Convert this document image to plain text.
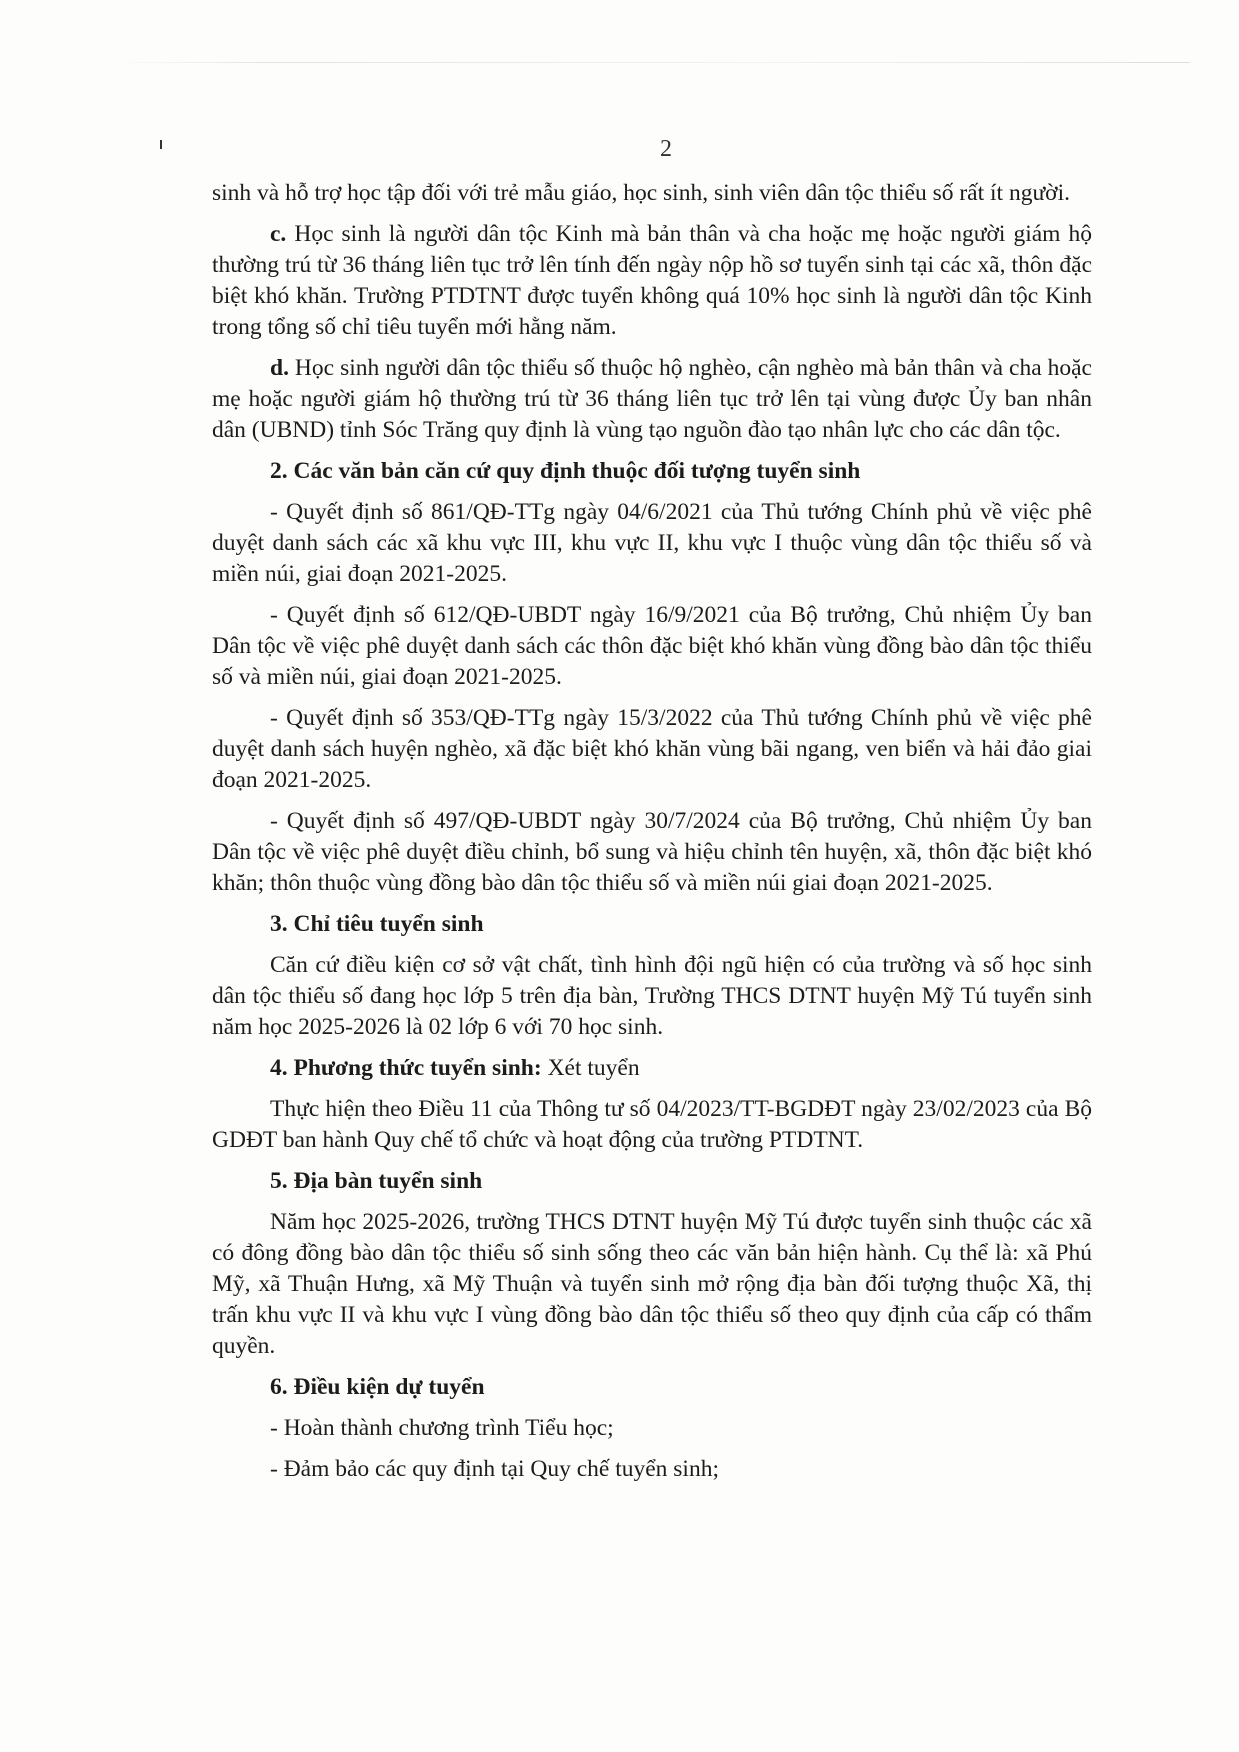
2

sinh và hỗ trợ học tập đối với trẻ mẫu giáo, học sinh, sinh viên dân tộc thiểu số rất ít người.

c. Học sinh là người dân tộc Kinh mà bản thân và cha hoặc mẹ hoặc người giám hộ thường trú từ 36 tháng liên tục trở lên tính đến ngày nộp hồ sơ tuyển sinh tại các xã, thôn đặc biệt khó khăn. Trường PTDTNT được tuyển không quá 10% học sinh là người dân tộc Kinh trong tổng số chỉ tiêu tuyển mới hằng năm.

d. Học sinh người dân tộc thiểu số thuộc hộ nghèo, cận nghèo mà bản thân và cha hoặc mẹ hoặc người giám hộ thường trú từ 36 tháng liên tục trở lên tại vùng được Ủy ban nhân dân (UBND) tỉnh Sóc Trăng quy định là vùng tạo nguồn đào tạo nhân lực cho các dân tộc.

2. Các văn bản căn cứ quy định thuộc đối tượng tuyển sinh

- Quyết định số 861/QĐ-TTg ngày 04/6/2021 của Thủ tướng Chính phủ về việc phê duyệt danh sách các xã khu vực III, khu vực II, khu vực I thuộc vùng dân tộc thiểu số và miền núi, giai đoạn 2021-2025.

- Quyết định số 612/QĐ-UBDT ngày 16/9/2021 của Bộ trưởng, Chủ nhiệm Ủy ban Dân tộc về việc phê duyệt danh sách các thôn đặc biệt khó khăn vùng đồng bào dân tộc thiểu số và miền núi, giai đoạn 2021-2025.

- Quyết định số 353/QĐ-TTg ngày 15/3/2022 của Thủ tướng Chính phủ về việc phê duyệt danh sách huyện nghèo, xã đặc biệt khó khăn vùng bãi ngang, ven biển và hải đảo giai đoạn 2021-2025.

- Quyết định số 497/QĐ-UBDT ngày 30/7/2024 của Bộ trưởng, Chủ nhiệm Ủy ban Dân tộc về việc phê duyệt điều chỉnh, bổ sung và hiệu chỉnh tên huyện, xã, thôn đặc biệt khó khăn; thôn thuộc vùng đồng bào dân tộc thiểu số và miền núi giai đoạn 2021-2025.

3. Chỉ tiêu tuyển sinh

Căn cứ điều kiện cơ sở vật chất, tình hình đội ngũ hiện có của trường và số học sinh dân tộc thiểu số đang học lớp 5 trên địa bàn, Trường THCS DTNT huyện Mỹ Tú tuyển sinh năm học 2025-2026 là 02 lớp 6 với 70 học sinh.

4. Phương thức tuyển sinh: Xét tuyển

Thực hiện theo Điều 11 của Thông tư số 04/2023/TT-BGDĐT ngày 23/02/2023 của Bộ GDĐT ban hành Quy chế tổ chức và hoạt động của trường PTDTNT.

5. Địa bàn tuyển sinh

Năm học 2025-2026, trường THCS DTNT huyện Mỹ Tú được tuyển sinh thuộc các xã có đông đồng bào dân tộc thiểu số sinh sống theo các văn bản hiện hành. Cụ thể là: xã Phú Mỹ, xã Thuận Hưng, xã Mỹ Thuận và tuyển sinh mở rộng địa bàn đối tượng thuộc Xã, thị trấn khu vực II và khu vực I vùng đồng bào dân tộc thiểu số theo quy định của cấp có thẩm quyền.

6. Điều kiện dự tuyển

- Hoàn thành chương trình Tiểu học;

- Đảm bảo các quy định tại Quy chế tuyển sinh;
